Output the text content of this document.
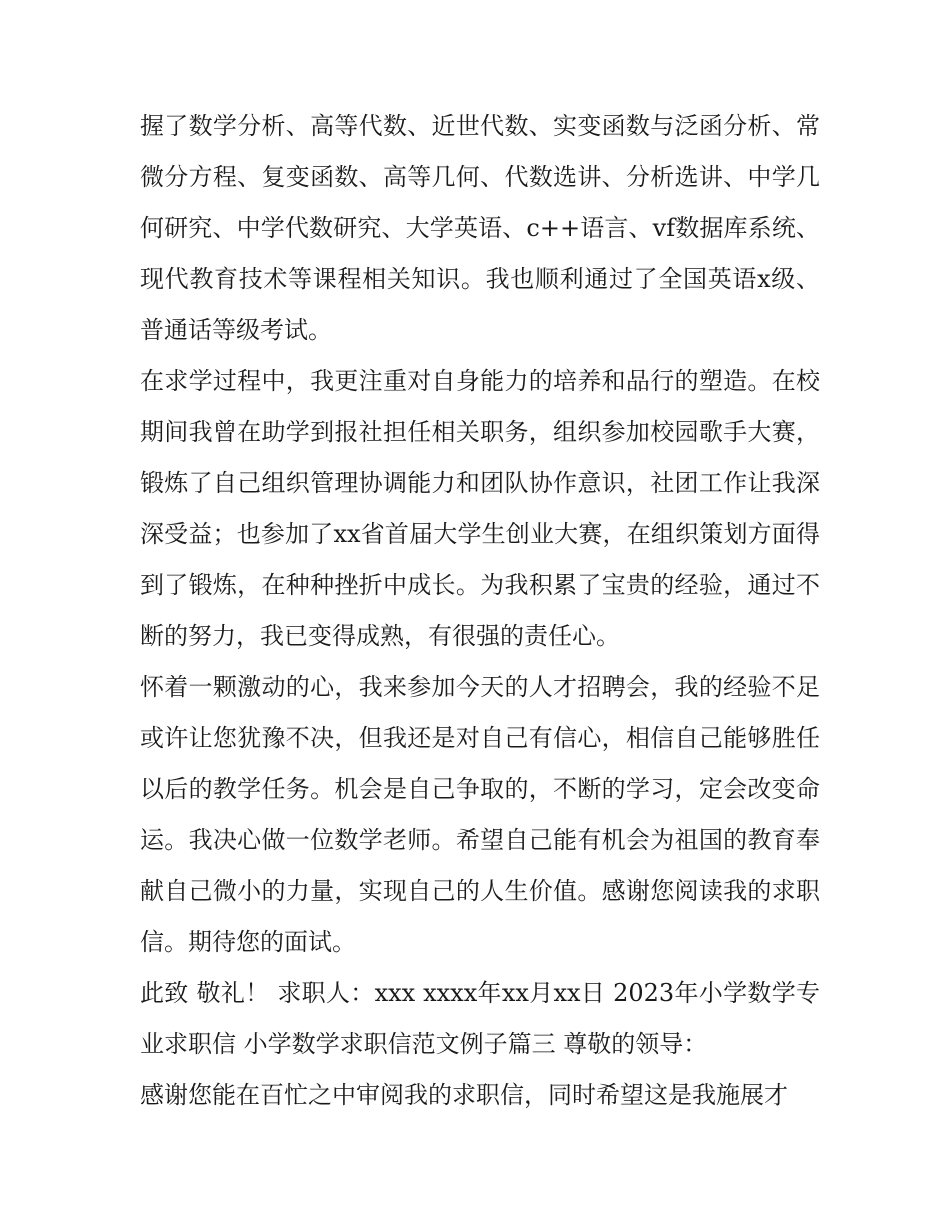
握了数学分析、高等代数、近世代数、实变函数与泛函分析、常微分方程、复变函数、高等几何、代数选讲、分析选讲、中学几何研究、中学代数研究、大学英语、c++语言、vf数据库系统、现代教育技术等课程相关知识。我也顺利通过了全国英语x级、普通话等级考试。

在求学过程中，我更注重对自身能力的培养和品行的塑造。在校期间我曾在助学到报社担任相关职务，组织参加校园歌手大赛，锻炼了自己组织管理协调能力和团队协作意识，社团工作让我深深受益；也参加了xx省首届大学生创业大赛，在组织策划方面得到了锻炼，在种种挫折中成长。为我积累了宝贵的经验，通过不断的努力，我已变得成熟，有很强的责任心。

怀着一颗激动的心，我来参加今天的人才招聘会，我的经验不足或许让您犹豫不决，但我还是对自己有信心，相信自己能够胜任以后的教学任务。机会是自己争取的，不断的学习，定会改变命运。我决心做一位数学老师。希望自己能有机会为祖国的教育奉献自己微小的力量，实现自己的人生价值。感谢您阅读我的求职信。期待您的面试。

此致 敬礼！ 求职人：xxx xxxx年xx月xx日 2023年小学数学专业求职信 小学数学求职信范文例子篇三 尊敬的领导：

感谢您能在百忙之中审阅我的求职信，同时希望这是我施展才
